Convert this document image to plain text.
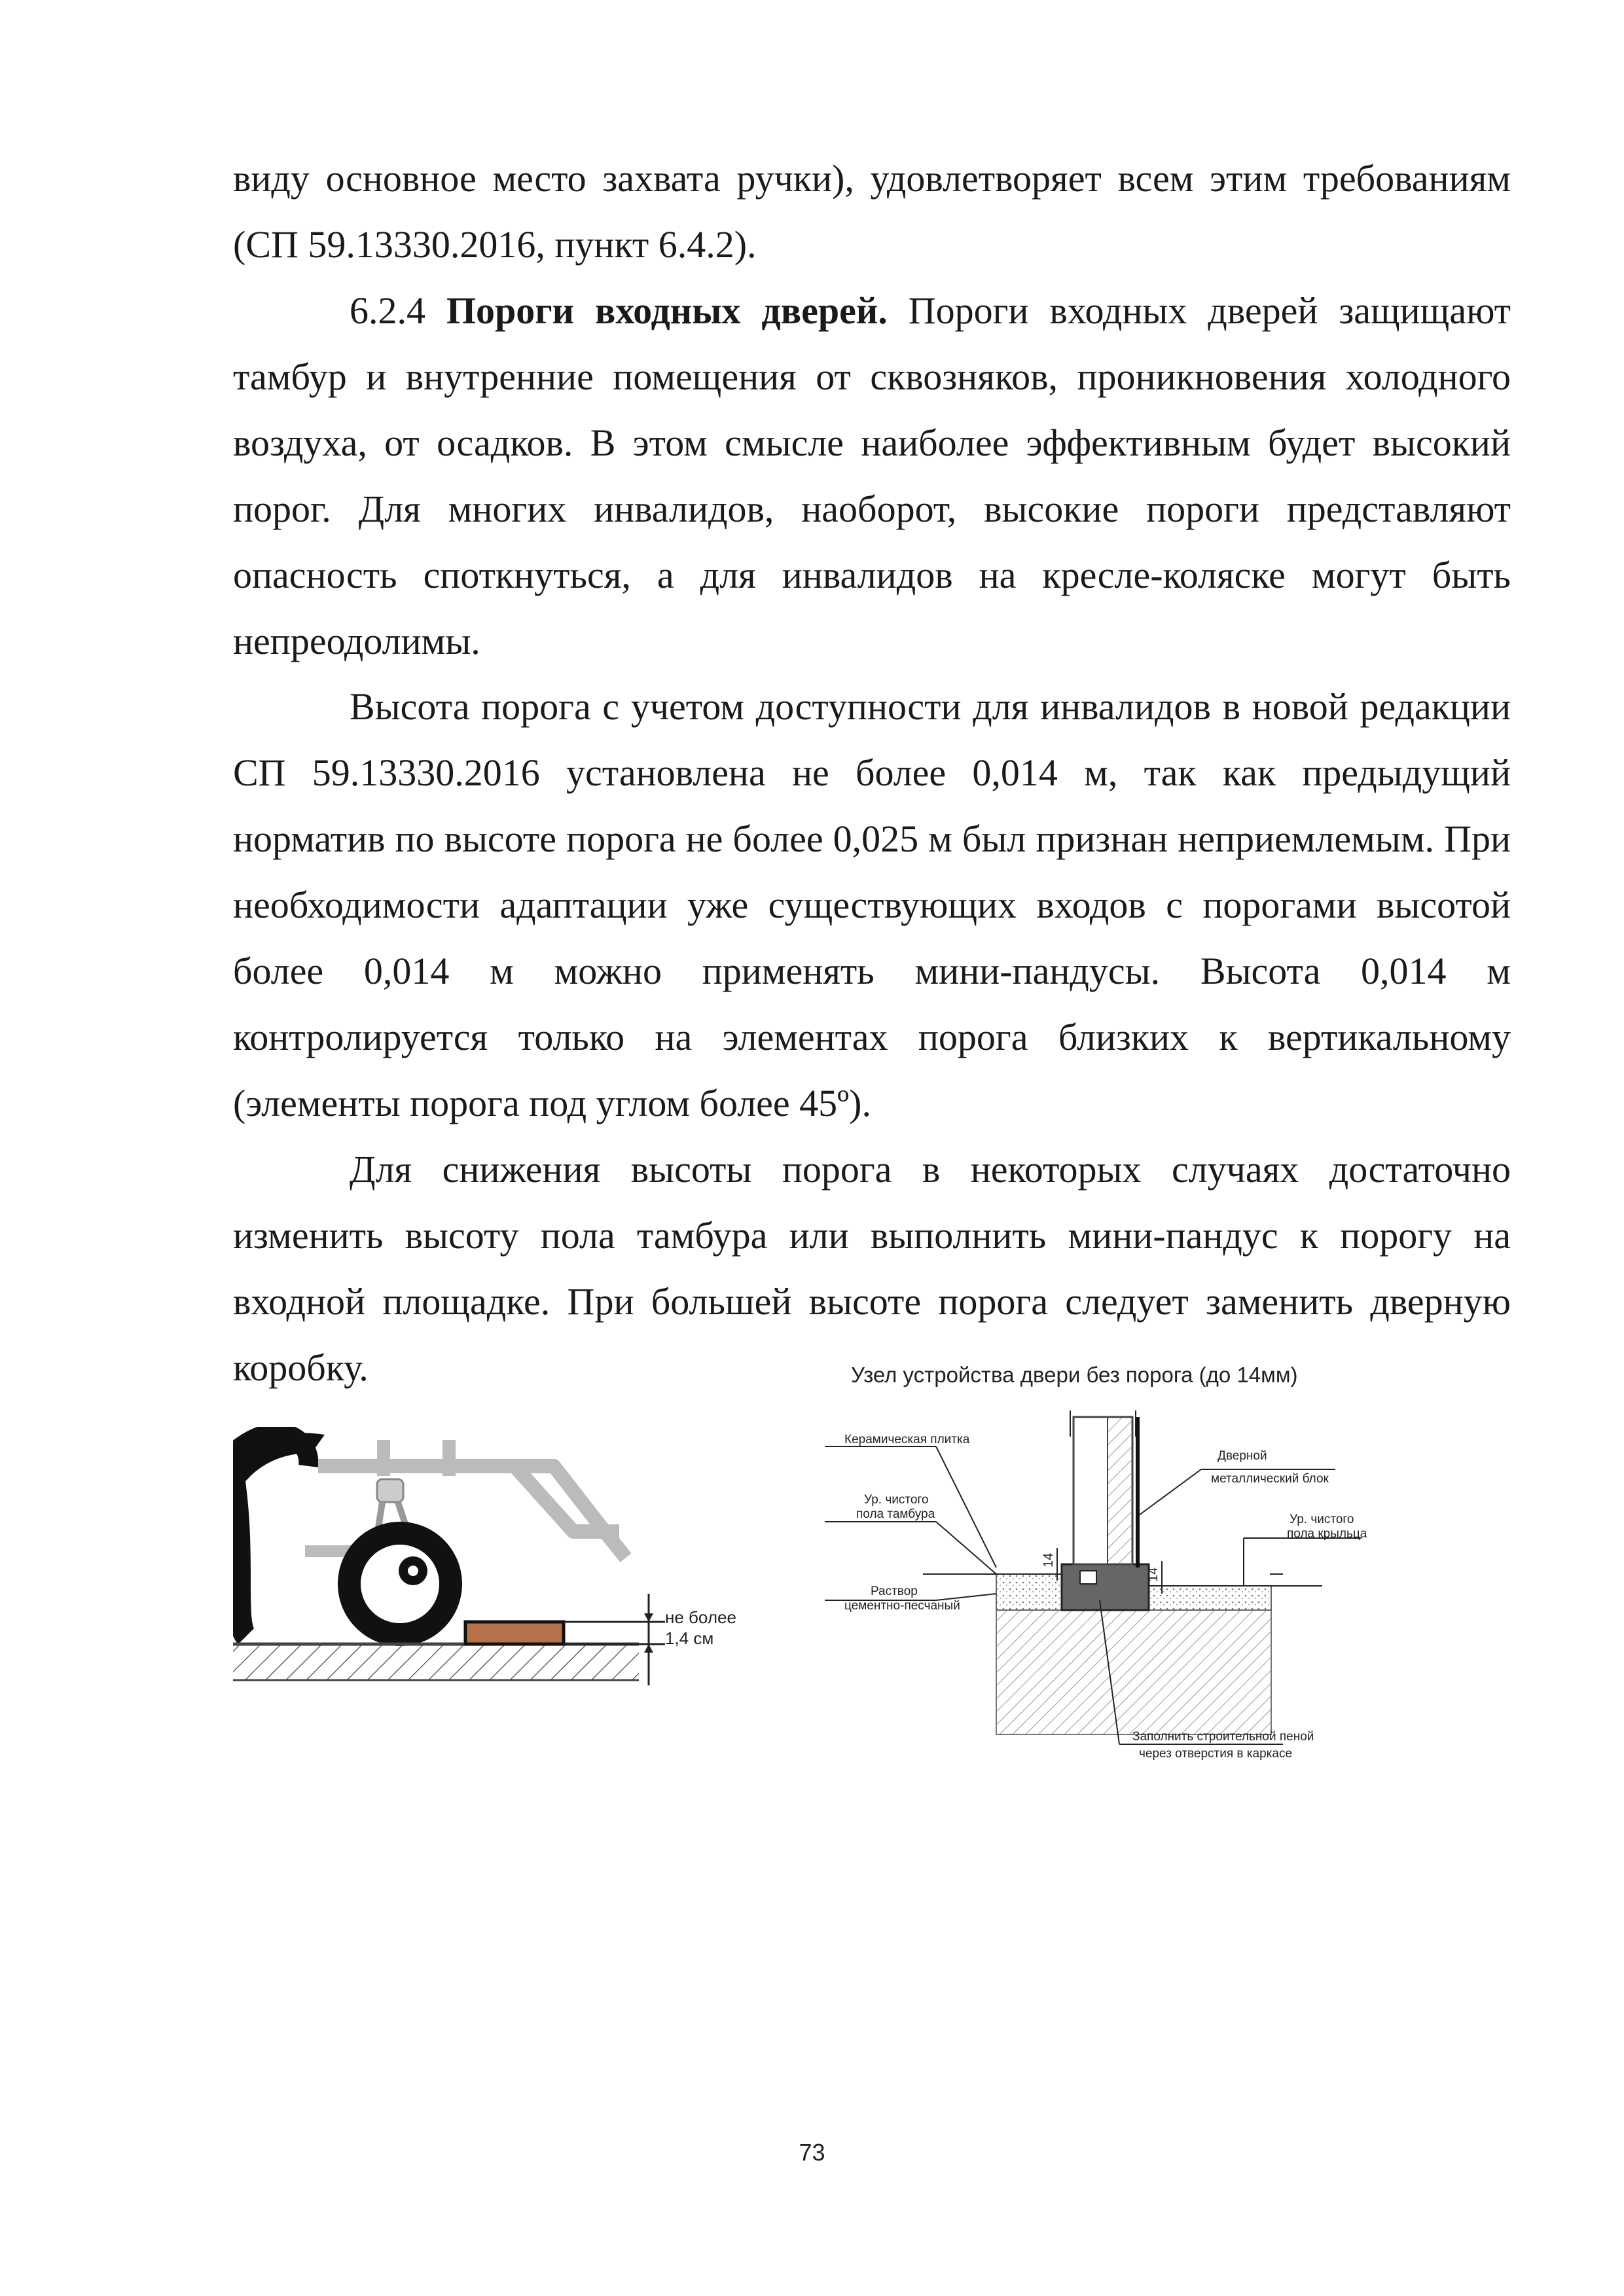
виду основное место захвата ручки), удовлетворяет всем этим требованиям (СП 59.13330.2016, пункт 6.4.2).

6.2.4 Пороги входных дверей. Пороги входных дверей защищают тамбур и внутренние помещения от сквозняков, проникновения холодного воздуха, от осадков. В этом смысле наиболее эффективным будет высокий порог. Для многих инвалидов, наоборот, высокие пороги представляют опасность споткнуться, а для инвалидов на кресле-коляске могут быть непреодолимы.

Высота порога с учетом доступности для инвалидов в новой редакции СП 59.13330.2016 установлена не более 0,014 м, так как предыдущий норматив по высоте порога не более 0,025 м был признан неприемлемым. При необходимости адаптации уже существующих входов с порогами высотой более 0,014 м можно применять мини-пандусы. Высота 0,014 м контролируется только на элементах порога близких к вертикальному (элементы порога под углом более 45º).

Для снижения высоты порога в некоторых случаях достаточно изменить высоту пола тамбура или выполнить мини-пандус к порогу на входной площадке. При большей высоте порога следует заменить дверную коробку.

не более
1,4 см
Узел устройства двери без порога (до 14мм)
14
14
Керамическая плитка
Дверной
металлический блок
Ур. чистого
пола тамбура	Ур. чистого
пола крыльца
Раствор
цементно-песчаный
Заполнить строительной пеной
через отверстия в каркасе
73
